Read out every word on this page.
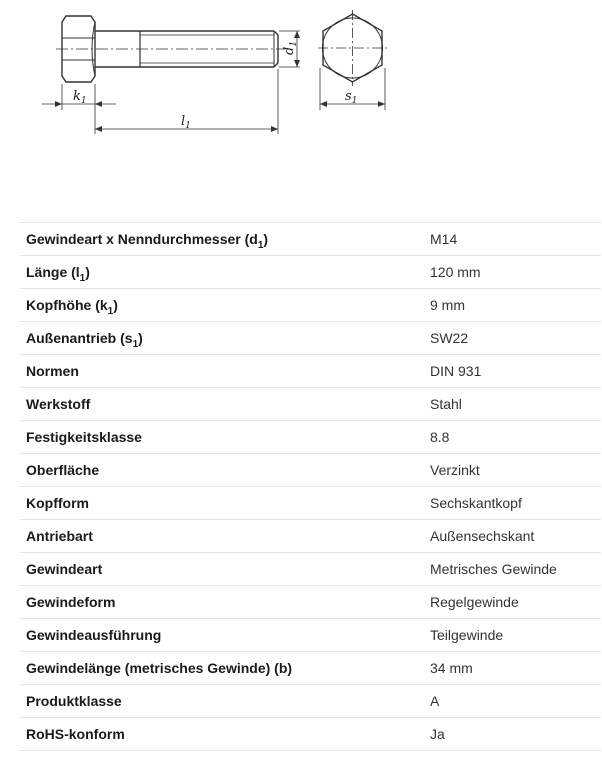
$k_1$
$l_1$
$s_1$
$d_1$
Gewindeart x Nenndurchmesser $(d_1)$	M14
Länge $(l_1)$	120 mm
Kopfhöhe $(k_1)$	9 mm
Außenantrieb $(s_1)$	SW22
Normen	DIN 931
Werkstoff	Stahl
Festigkeitsklasse	8.8
Oberfläche	Verzinkt
Kopfform	Sechskantkopf
Antriebart	Außensechskant
Gewindeart	Metrisches Gewinde
Gewindeform	Regelgewinde
Gewindeausführung	Teilgewinde
Gewindelänge (metrisches Gewinde) (b)	34 mm
Produktklasse	A
RoHS-konform	Ja
